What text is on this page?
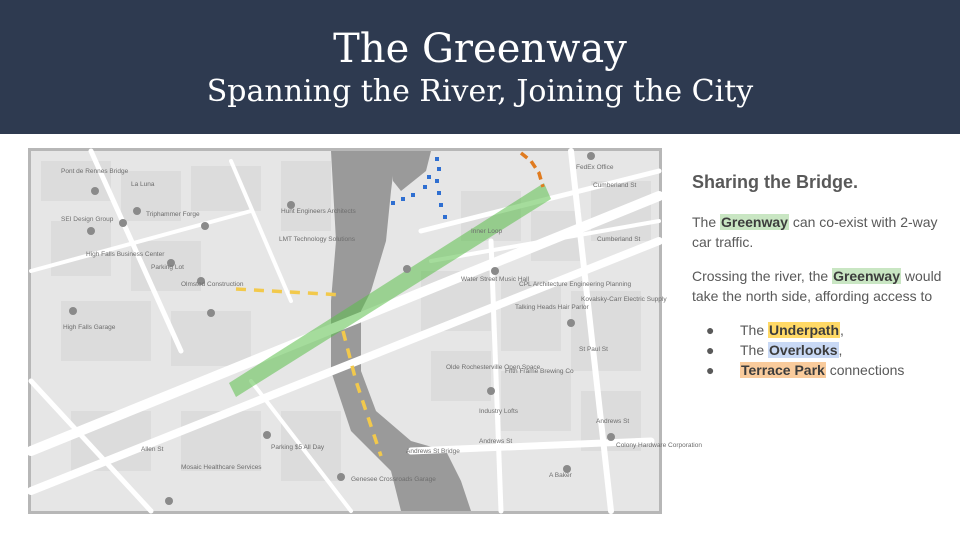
The Greenway
Spanning the River, Joining the City
Pont de Rennes Bridge
La Luna
SEI Design Group
Triphammer Forge
High Falls Business Center
Parking Lot
Olmsted Construction
High Falls Garage
LMT Technology Solutions
Hunt Engineers Architects
Inner Loop
Cumberland St
Cumberland St
FedEx Office
Water Street Music Hall
CPL Architecture Engineering Planning
Talking Heads Hair Parlor
Kovalsky-Carr Electric Supply
Fifth Frame Brewing Co
Olde Rochesterville Open Space
Parking $5 All Day
Andrews St Bridge
Andrews St
Andrews St
Allen St
Genesee Crossroads Garage
Industry Lofts
St Paul St
Colony Hardware Corporation
A Baker
Mosaic Healthcare Services
Sharing the Bridge.
The Greenway can co-exist with 2-way car traffic.
Crossing the river, the Greenway would take the north side, affording access to
● The Underpath,
● The Overlooks,
● Terrace Park connections
